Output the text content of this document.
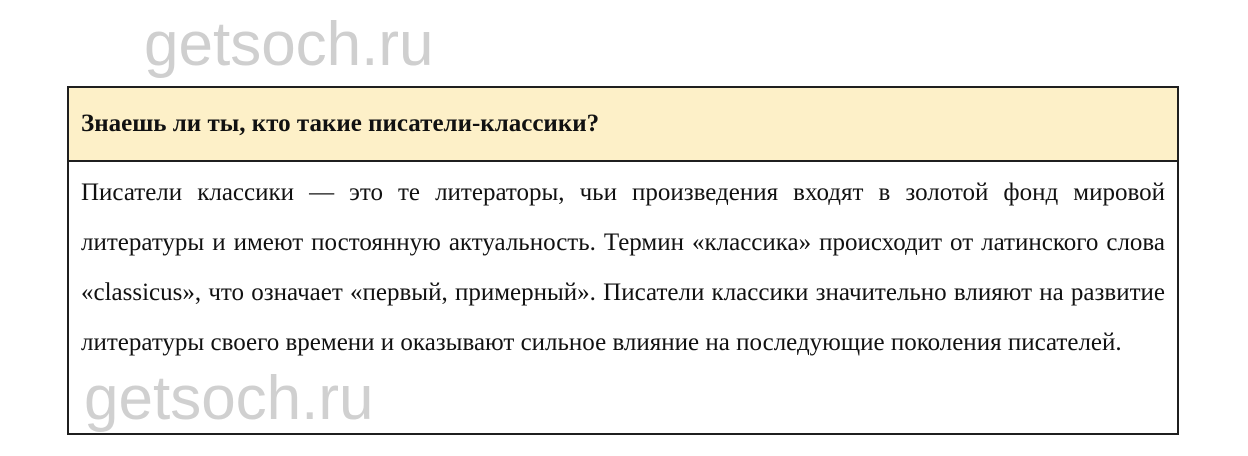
getsoch.ru
Знаешь ли ты, кто такие писатели-классики?

Писатели классики — это те литераторы, чьи произведения входят в золотой фонд мировой литературы и имеют постоянную актуальность. Термин «классика» происходит от латинского слова «classicus», что означает «первый, примерный». Писатели классики значительно влияют на развитие литературы своего времени и оказывают сильное влияние на последующие поколения писателей.

getsoch.ru
